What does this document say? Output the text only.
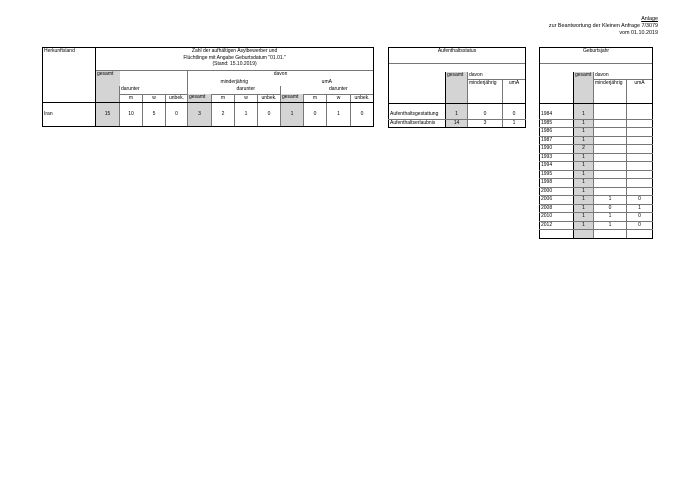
Anlage
zur Beantwortung der Kleinen Anfrage 7/3079
vom 01.10.2019
Herkunftsland	Zahl der aufhältigen Asylbewerber und
Flüchtlinge mit Angabe Geburtsdatum "01.01."
(Stand: 15.10.2019)											

	gesamt				davon							
					minderjährig				umA			
		darunter				darunter				darunter		
		m	w	unbek.	gesamt	m	w	unbek.	gesamt	m	w	unbek.

Iran	15	10	5	0	3	2	1	0	1	0	1	0

Aufenthaltsstatus			

	gesamt	davon	
		minderjährig	umA

Aufenthaltsgestattung	1	0	0
Aufenthaltserlaubnis	14	3	1
Geburtsjahr			

	gesamt	davon	
		minderjährig	umA

1984	1		
1985	1		
1986	1		
1987	1		
1990	2		
1993	1		
1994	1		
1995	1		
1998	1		
2000	1		
2006	1	1	0
2008	1	0	1
2010	1	1	0
2012	1	1	0
